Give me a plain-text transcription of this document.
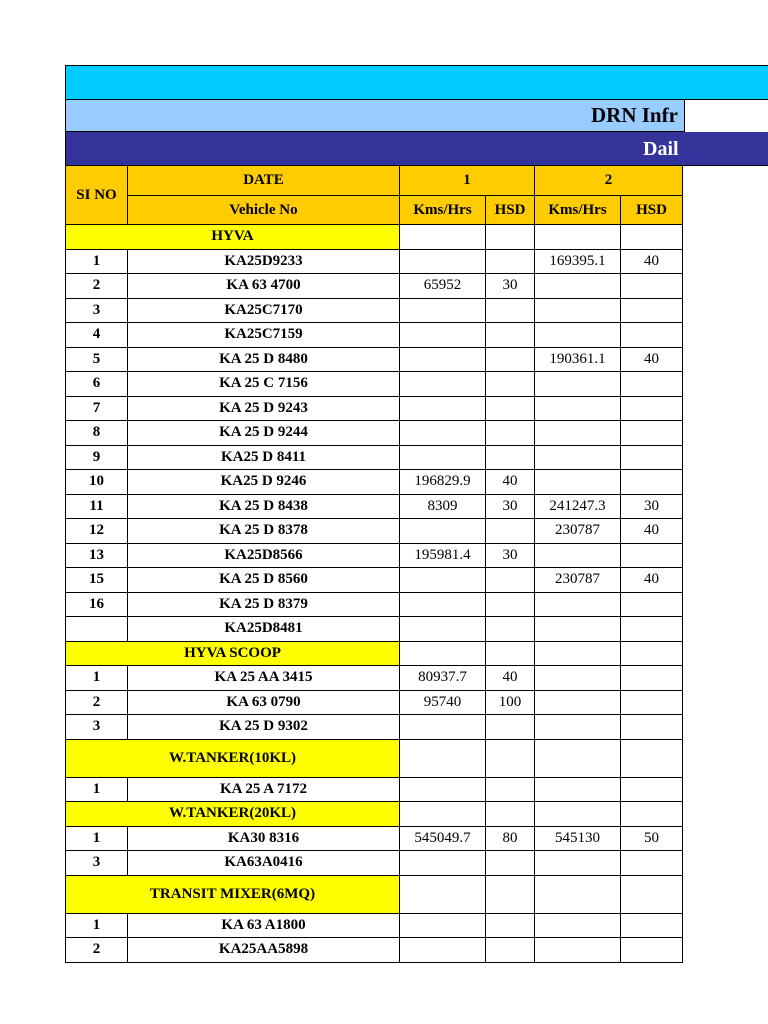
DRN Infr
Dail
SI NO	DATE	1		2	
	Vehicle No	Kms/Hrs	HSD	Kms/Hrs	HSD
HYVA					
1	KA25D9233			169395.1	40
2	KA 63 4700	65952	30		
3	KA25C7170				
4	KA25C7159				
5	KA 25 D 8480			190361.1	40
6	KA 25 C 7156				
7	KA 25 D 9243				
8	KA 25 D 9244				
9	KA25 D 8411				
10	KA25 D 9246	196829.9	40		
11	KA 25 D 8438	8309	30	241247.3	30
12	KA 25 D 8378			230787	40
13	KA25D8566	195981.4	30		
15	KA 25 D 8560			230787	40
16	KA 25 D 8379				
	KA25D8481				
HYVA SCOOP					
1	KA 25 AA 3415	80937.7	40		
2	KA 63 0790	95740	100		
3	KA 25 D 9302				
W.TANKER(10KL)					
1	KA 25 A 7172				
W.TANKER(20KL)					
1	KA30 8316	545049.7	80	545130	50
3	KA63A0416				
TRANSIT MIXER(6MQ)					
1	KA 63 A1800				
2	KA25AA5898				
